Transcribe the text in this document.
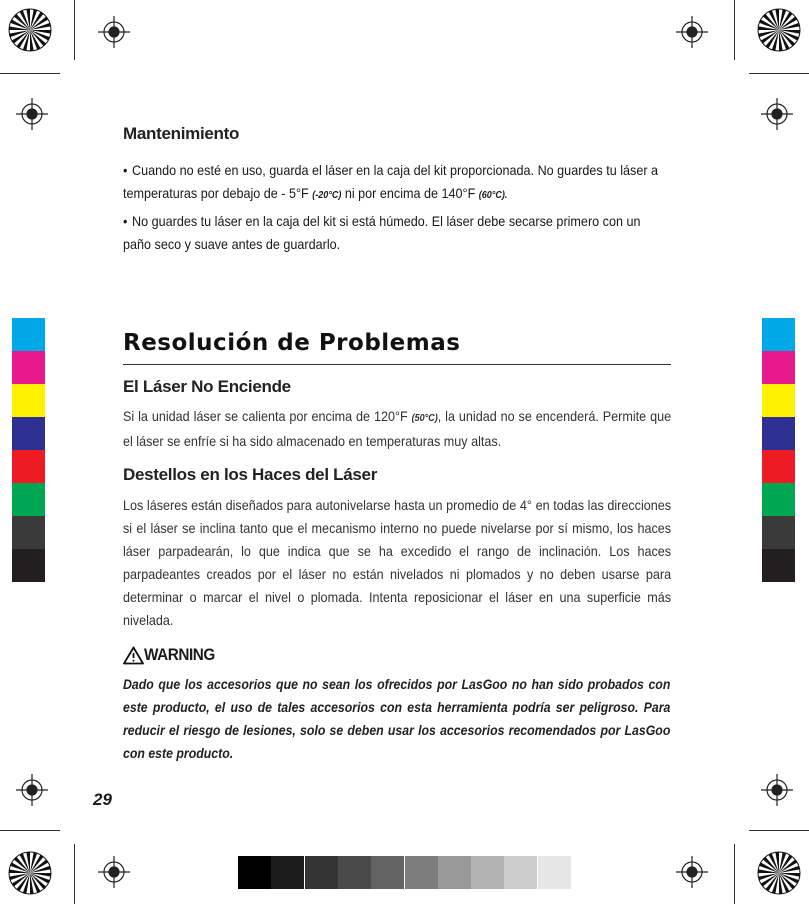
Mantenimiento
• Cuando no esté en uso, guarda el láser en la caja del kit proporcionada. No guardes tu láser a temperaturas por debajo de - 5°F (-20°C) ni por encima de 140°F (60°C).
• No guardes tu láser en la caja del kit si está húmedo. El láser debe secarse primero con un paño seco y suave antes de guardarlo.
Resolución de Problemas
El Láser No Enciende
Si la unidad láser se calienta por encima de 120°F (50°C), la unidad no se encenderá. Permite que el láser se enfríe si ha sido almacenado en temperaturas muy altas.
Destellos en los Haces del Láser
Los láseres están diseñados para autonivelarse hasta un promedio de 4° en todas las direcciones si el láser se inclina tanto que el mecanismo interno no puede nivelarse por sí mismo, los haces láser parpadearán, lo que indica que se ha excedido el rango de inclinación. Los haces parpadeantes creados por el láser no están nivelados ni plomados y no deben usarse para determinar o marcar el nivel o plomada. Intenta reposicionar el láser en una superficie más nivelada.
WARNING
Dado que los accesorios que no sean los ofrecidos por LasGoo no han sido probados con este producto, el uso de tales accesorios con esta herramienta podría ser peligroso. Para reducir el riesgo de lesiones, solo se deben usar los accesorios recomendados por LasGoo con este producto.
29
